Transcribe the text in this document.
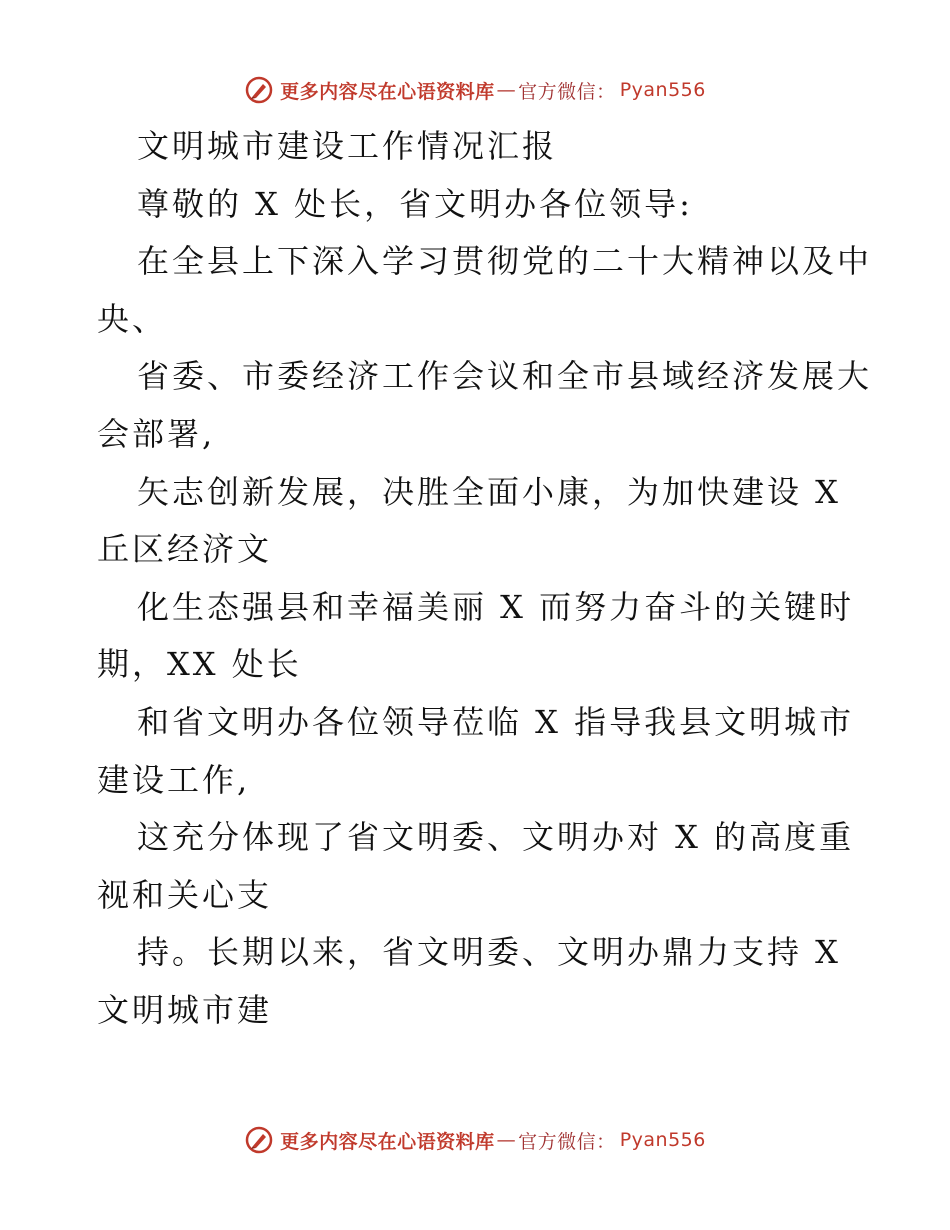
更多内容尽在心语资料库 — 官方微信： Pyan556
文明城市建设工作情况汇报
尊敬的 X 处长，省文明办各位领导:
在全县上下深入学习贯彻党的二十大精神以及中
央、
省委、市委经济工作会议和全市县域经济发展大
会部署,
矢志创新发展，决胜全面小康，为加快建设 X
丘区经济文
化生态强县和幸福美丽 X 而努力奋斗的关键时
期，XX 处长
和省文明办各位领导莅临 X 指导我县文明城市
建设工作,
这充分体现了省文明委、文明办对 X 的高度重
视和关心支
持。长期以来，省文明委、文明办鼎力支持 X
文明城市建
更多内容尽在心语资料库 — 官方微信： Pyan556
